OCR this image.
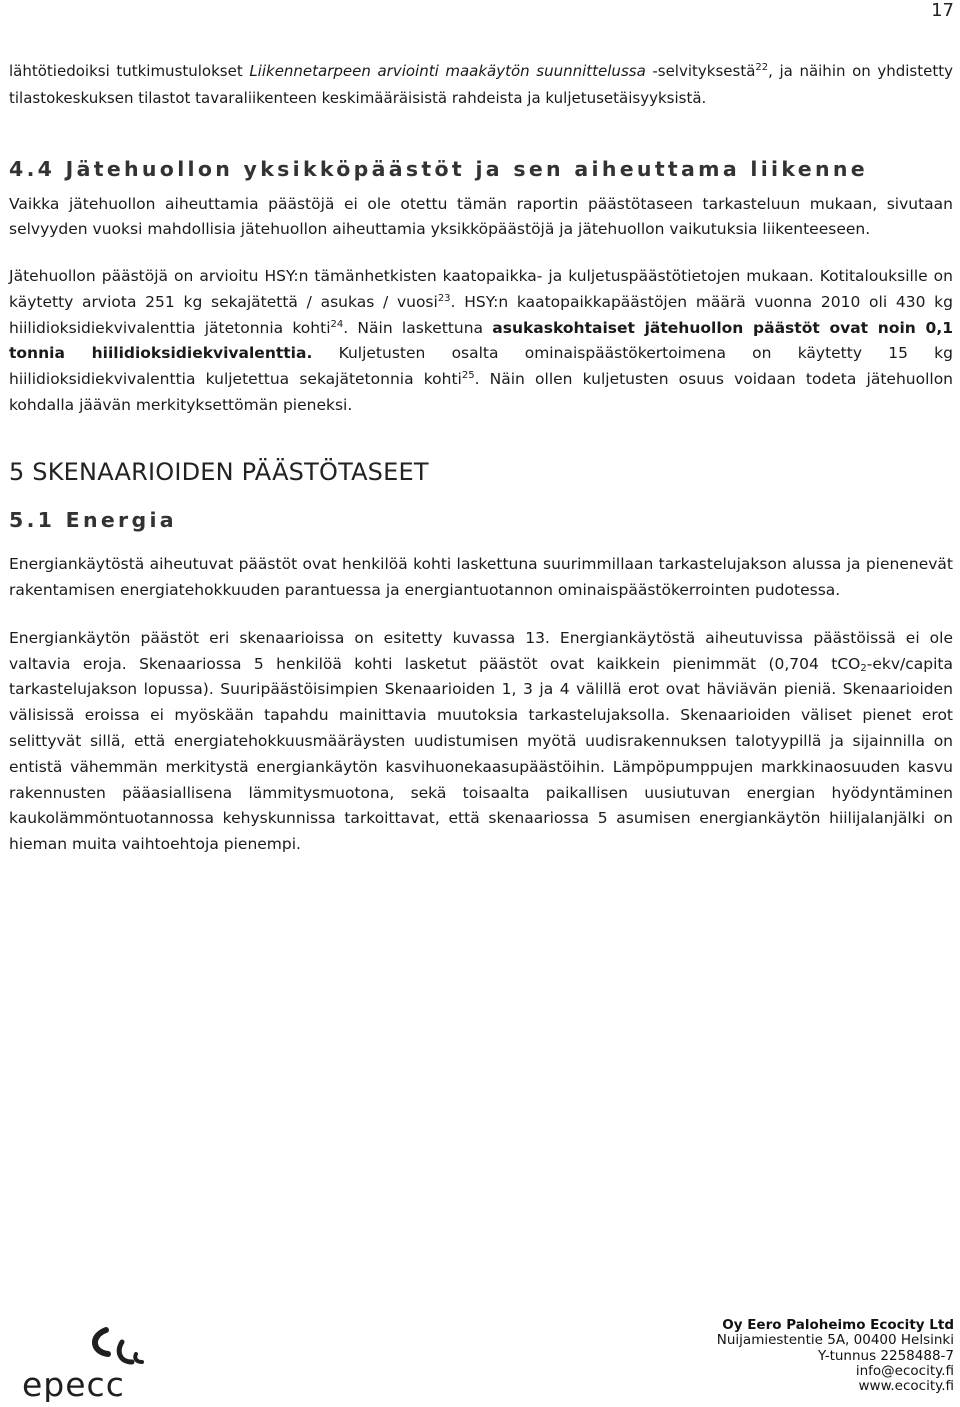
17

lähtötiedoiksi tutkimustulokset Liikennetarpeen arviointi maakäytön suunnittelussa -selvityksestä$^{22}$, ja näihin on yhdistetty tilastokeskuksen tilastot tavaraliikenteen keskimääräisistä rahdeista ja kuljetusetäisyyksistä.

4.4 Jätehuollon yksikköpäästöt ja sen aiheuttama liikenne

Vaikka jätehuollon aiheuttamia päästöjä ei ole otettu tämän raportin päästötaseen tarkasteluun mukaan, sivutaan selvyyden vuoksi mahdollisia jätehuollon aiheuttamia yksikköpäästöjä ja jätehuollon vaikutuksia liikenteeseen.

Jätehuollon päästöjä on arvioitu HSY:n tämänhetkisten kaatopaikka- ja kuljetuspäästötietojen mukaan. Kotitalouksille on käytetty arviota 251 kg sekajätettä / asukas / vuosi$^{23}$. HSY:n kaatopaikkapäästöjen määrä vuonna 2010 oli 430 kg hiilidioksidiekvivalenttia jätetonnia kohti$^{24}$. Näin laskettuna asukaskohtaiset jätehuollon päästöt ovat noin 0,1 tonnia hiilidioksidiekvivalenttia. Kuljetusten osalta ominaispäästökertoimena on käytetty 15 kg hiilidioksidiekvivalenttia kuljetettua sekajätetonnia kohti$^{25}$. Näin ollen kuljetusten osuus voidaan todeta jätehuollon kohdalla jäävän merkityksettömän pieneksi.

5 SKENAARIOIDEN PÄÄSTÖTASEET
5.1 Energia

Energiankäytöstä aiheutuvat päästöt ovat henkilöä kohti laskettuna suurimmillaan tarkastelujakson alussa ja pienenevät rakentamisen energiatehokkuuden parantuessa ja energiantuotannon ominaispäästökerrointen pudotessa.

Energiankäytön päästöt eri skenaarioissa on esitetty kuvassa 13. Energiankäytöstä aiheutuvissa päästöissä ei ole valtavia eroja. Skenaariossa 5 henkilöä kohti lasketut päästöt ovat kaikkein pienimmät (0,704 tCO$_2$-ekv/capita tarkastelujakson lopussa). Suuripäästöisimpien Skenaarioiden 1, 3 ja 4 välillä erot ovat häviävän pieniä. Skenaarioiden välisissä eroissa ei myöskään tapahdu mainittavia muutoksia tarkastelujaksolla. Skenaarioiden väliset pienet erot selittyvät sillä, että energiatehokkuusmääräysten uudistumisen myötä uudisrakennuksen talotyypillä ja sijainnilla on entistä vähemmän merkitystä energiankäytön kasvihuonekaasupäästöihin. Lämpöpumppujen markkinaosuuden kasvu rakennusten pääasiallisena lämmitysmuotona, sekä toisaalta paikallisen uusiutuvan energian hyödyntäminen kaukolämmöntuotannossa kehyskunnissa tarkoittavat, että skenaariossa 5 asumisen energiankäytön hiilijalanjälki on hieman muita vaihtoehtoja pienempi.

epecc
Oy Eero Paloheimo Ecocity Ltd
Nuijamiestentie 5A, 00400 Helsinki
Y-tunnus 2258488-7
info@ecocity.fi
www.ecocity.fi
